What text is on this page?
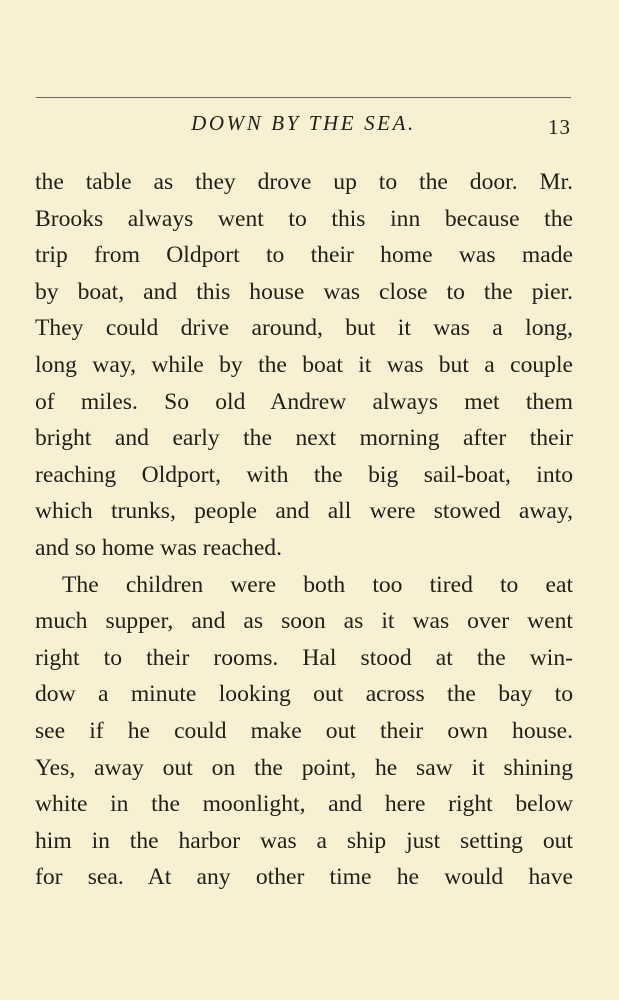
DOWN BY THE SEA.	13
the table as they drove up to the door. Mr.
Brooks always went to this inn because the
trip from Oldport to their home was made
by boat, and this house was close to the pier.
They could drive around, but it was a long,
long way, while by the boat it was but a couple
of miles. So old Andrew always met them
bright and early the next morning after their
reaching Oldport, with the big sail-boat, into
which trunks, people and all were stowed away,
and so home was reached.
The children were both too tired to eat
much supper, and as soon as it was over went
right to their rooms. Hal stood at the win-
dow a minute looking out across the bay to
see if he could make out their own house.
Yes, away out on the point, he saw it shining
white in the moonlight, and here right below
him in the harbor was a ship just setting out
for sea. At any other time he would have
